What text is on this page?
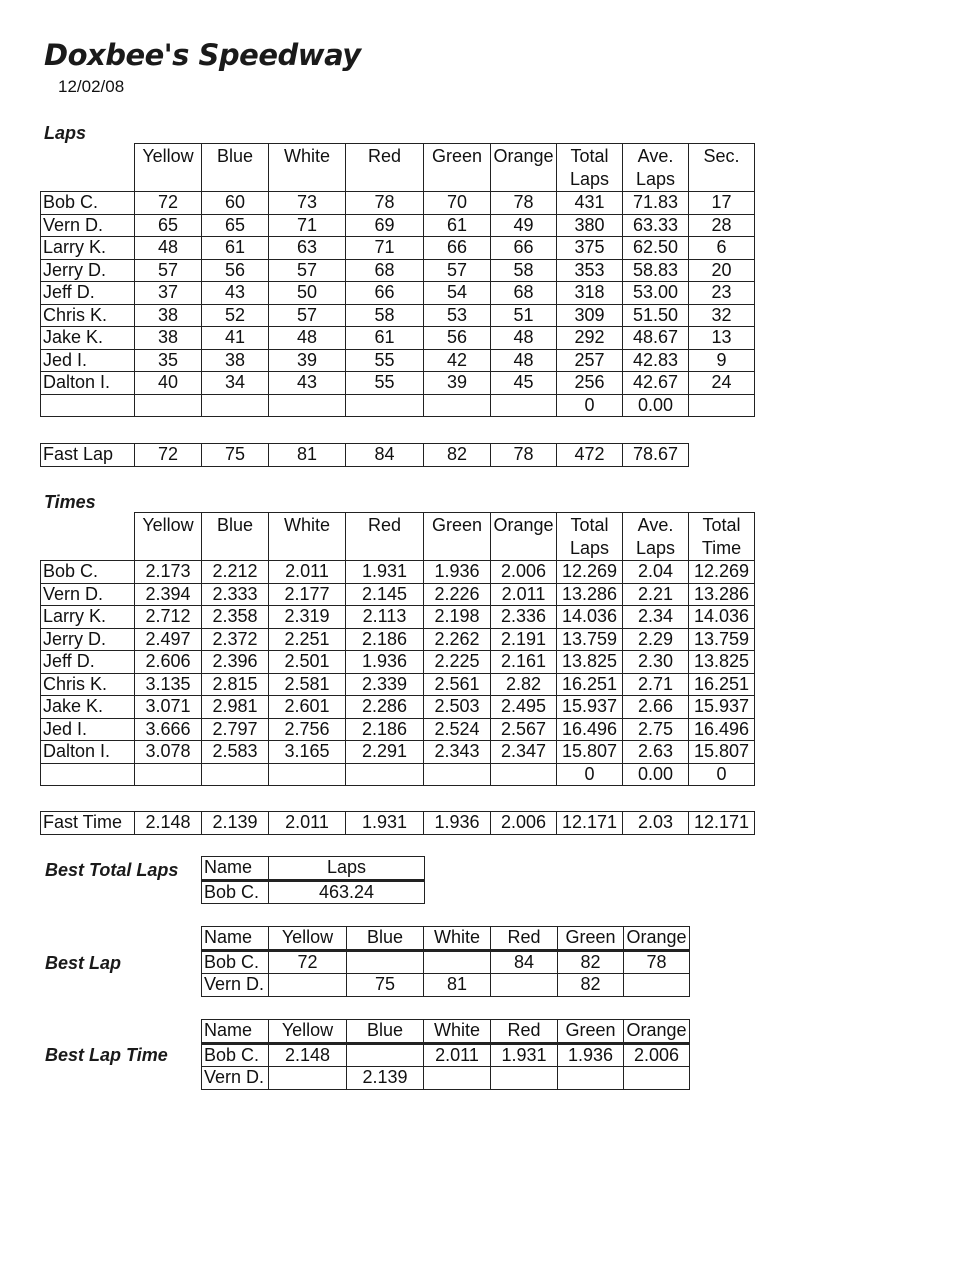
Doxbee's Speedway
12/02/08
Laps
	Yellow	Blue	White	Red	Green	Orange	Total Laps	Ave. Laps	Sec.
Bob C.	72	60	73	78	70	78	431	71.83	17
Vern D.	65	65	71	69	61	49	380	63.33	28
Larry K.	48	61	63	71	66	66	375	62.50	6
Jerry D.	57	56	57	68	57	58	353	58.83	20
Jeff D.	37	43	50	66	54	68	318	53.00	23
Chris K.	38	52	57	58	53	51	309	51.50	32
Jake K.	38	41	48	61	56	48	292	48.67	13
Jed I.	35	38	39	55	42	48	257	42.83	9
Dalton I.	40	34	43	55	39	45	256	42.67	24
							0	0.00	
Fast Lap	72	75	81	84	82	78	472	78.67
Times
	Yellow	Blue	White	Red	Green	Orange	Total Laps	Ave. Laps	Total Time
Bob C.	2.173	2.212	2.011	1.931	1.936	2.006	12.269	2.04	12.269
Vern D.	2.394	2.333	2.177	2.145	2.226	2.011	13.286	2.21	13.286
Larry K.	2.712	2.358	2.319	2.113	2.198	2.336	14.036	2.34	14.036
Jerry D.	2.497	2.372	2.251	2.186	2.262	2.191	13.759	2.29	13.759
Jeff D.	2.606	2.396	2.501	1.936	2.225	2.161	13.825	2.30	13.825
Chris K.	3.135	2.815	2.581	2.339	2.561	2.82	16.251	2.71	16.251
Jake K.	3.071	2.981	2.601	2.286	2.503	2.495	15.937	2.66	15.937
Jed I.	3.666	2.797	2.756	2.186	2.524	2.567	16.496	2.75	16.496
Dalton I.	3.078	2.583	3.165	2.291	2.343	2.347	15.807	2.63	15.807
							0	0.00	0
Fast Time	2.148	2.139	2.011	1.931	1.936	2.006	12.171	2.03	12.171
Best Total Laps Name	Laps
Bob C.	463.24
Best Lap
Name	Yellow	Blue	White	Red	Green	Orange
Bob C.	72			84	82	78
Vern D.		75	81		82	
Best Lap Time
Name	Yellow	Blue	White	Red	Green	Orange
Bob C.	2.148		2.011	1.931	1.936	2.006
Vern D.		2.139				
